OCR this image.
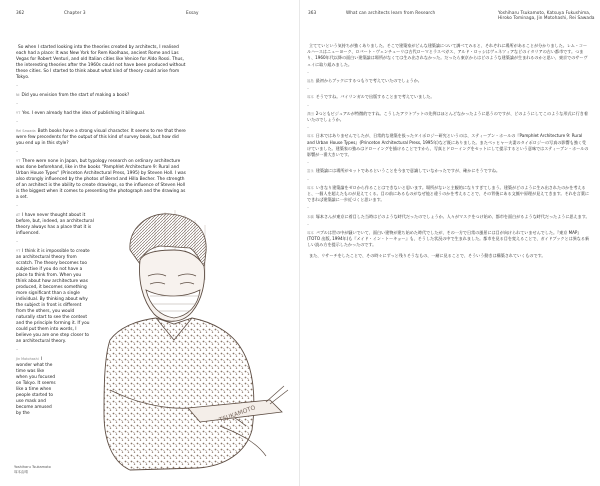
362	Chapter 3	Essay

So when I started looking into the theories created by architects, I realised each had a place: It was New York for Rem Koolhaas, ancient Rome and Las Vegas for Robert Venturi, and old Italian cities like Venice for Aldo Rossi. Thus, the interesting theories after the 1960s could not have been produced without these cities. So I started to think about what kind of theory could arise from Tokyo.

–

Ni Did you envision from the start of making a book?

–

YT Yes. I even already had the idea of publishing it bilingual.

–

Rei Sawada Both books have a strong visual character. It seems to me that there were few precedents for the output of this kind of survey book, but how did you end up in this style?

–

YT There were none in Japan, but typology research on ordinary architecture was done beforehand, like in the books "Pamphlet Architecture 9: Rural and Urban House Types" (Princeton Architectural Press, 1995) by Steven Holl. I was also strongly influenced by the photos of Bernd and Hilla Becher. The strength of an architect is the ability to create drawings, so the influence of Steven Holl is the biggest when it comes to presenting the photograph and the drawing as a set.

–

AT I have never thought about it before, but, indeed, an architectural theory always has a place that it is influenced.

–

YT I think it is impossible to create an architectural theory from scratch. The theory becomes too subjective if you do not have a place to think from. When you think about how architecture was produced, it becomes something more significant than a single individual. By thinking about why the subject in front is different from the others, you would naturally start to see the context and the principle forming it. If you could put them into words, I believe you are one step closer to an architectural theory.

–

Jin Motohashi I wonder what the time was like when you focused on Tokyo. It seems like a time when people started to use mask and become amused by the	TSUKAMOTO
Yoshiharu Tsukamoto
塚本由晴
363	What can architects learn from Research	Yoshiharu Tsukamoto, Katsuya Fukushima,
Hiroko Tominaga, Jin Motohashi, Rei Sawada

立てていという気持ちが強くありました。そこで建築家がどんな建築論について調べてみると、それぞれに場所があることが分かりました。レム・コールハースはニューヨーク、ロバート・ヴェンチューリは古代ローマとラスベガス、アルド・ロッシはヴェネツィアなどのイタリアの古い都市です。つまり、1960年代以降の面白い建築論は場所がなくては生み出されなかった。だったら東京からはどのような建築論が生まれるのかと思い、東京でのサーヴェイに取り組みました。

–

福島 最初からブックにするつもりで考えていたのでしょうか。

–

塚本 そうですね。バイリンガルで出版することまで考えていました。

–

澤田 2つともビジュアルが特徴的ですね。こうしたアウトプットの先例はほとんどなかったように思うのですが、どのようにしてこのような形式に行き着いたのでしょうか。

–

塚本 日本ではありませんでしたが、日常的な建築を扱ったタイポロジー研究というのは、スティーブン・ホールの『Pamphlet Architecture 9: Rural and Urban House Types』(Princeton Architectural Press, 1995年)など既にありました。またベッヒャー夫妻のタイポロジーの写真の影響も強く受けていました。建築家の強みはドローイングを描けることですから、写真とドローイングをセットにして提示するという意味ではスティーブン・ホールの影響が一番大きいです。

–

富永 建築論には場所がセットであるということを今まで意識していなかったですが、確かにそうですね。

–

塚本 いきなり建築論をゼロから作ることはできないと思います。場所がないと主観的になりすぎてしまう。建築がどのように生み出されたのかを考えると、一個人を超えたものが見えてくる。目の前にあるものがなぜ他と違うのかを考えることで、その背後にある文脈や原理が見えてきます。それを言葉にできれば建築論に一歩近づくと思います。

–

本橋 塚本さんが東京に着目した当時はどのような時代だったのでしょうか。人々がマスクをつけ始め、都市を面白がるような時代だったように思えます。

–

塚本 バブルは世の中が騒いでいて、面白い建物が建ち始めた時代でしたが、その一方で日常の風景には目が向けられていませんでした。『東京 MAP』(TOTO 出版, 1994年)も『メイド・イン・トーキョー』も、そうした状況の中で生まれました。都市を見る目を変えることで、ガイドブックとは異なる新しい読み方を提示したかったのです。

また、リサーチをしたことで、その時々にずっと残りそうなもの、一緒に見ることで、そういう動きは構築されていくものです。
